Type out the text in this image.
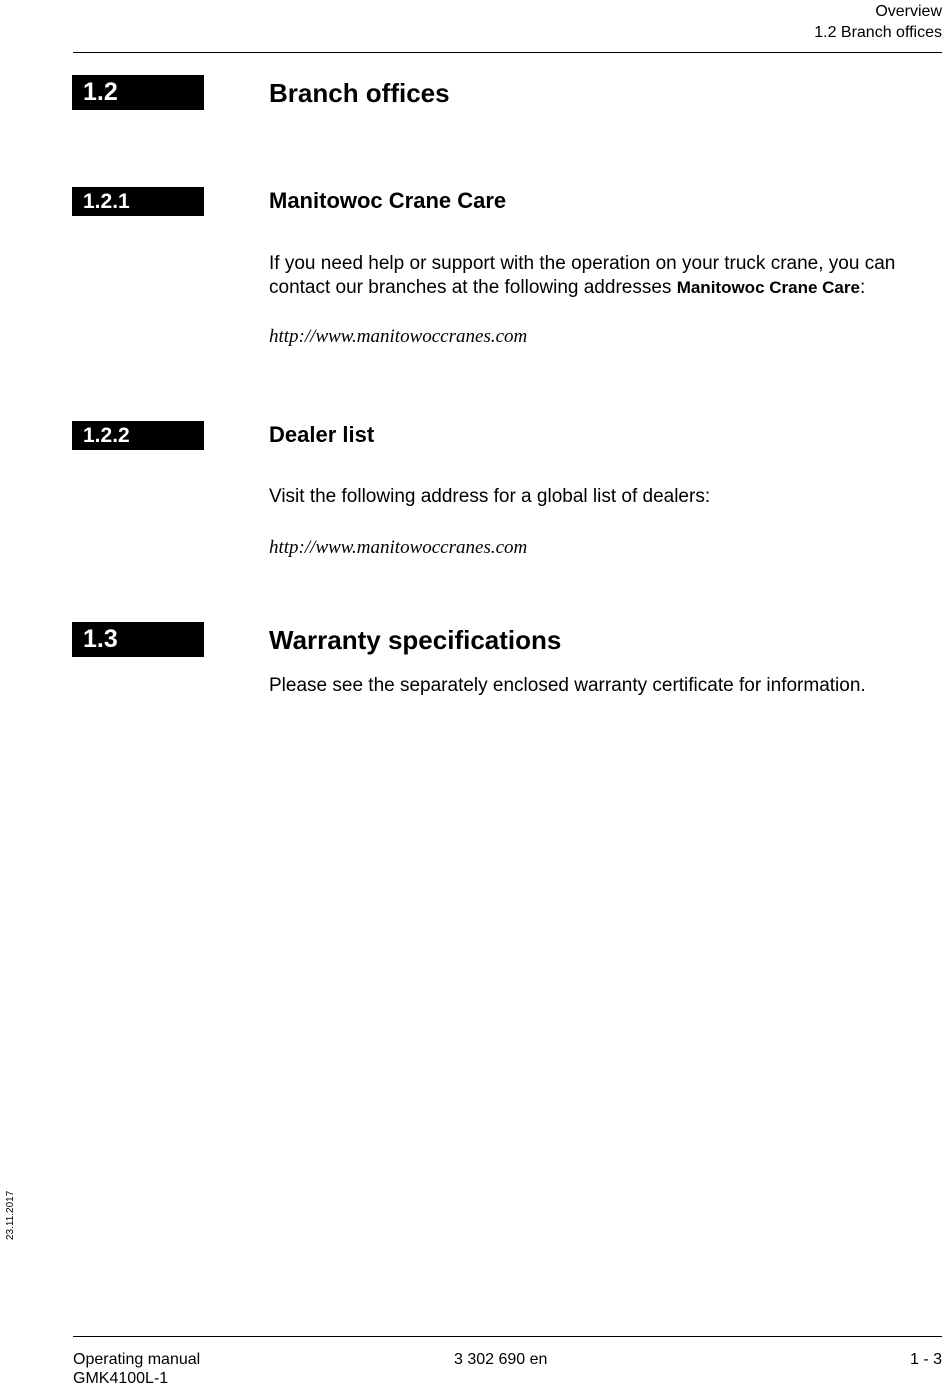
Overview
1.2 Branch offices
1.2	Branch offices
1.2.1	Manitowoc Crane Care
If you need help or support with the operation on your truck crane, you can
contact our branches at the following addresses Manitowoc Crane Care:
http://www.manitowoccranes.com
1.2.2	Dealer list
Visit the following address for a global list of dealers:
http://www.manitowoccranes.com
1.3	Warranty specifications
Please see the separately enclosed warranty certificate for information.
23.11.2017
Operating manual
GMK4100L-1
3 302 690 en	1 - 3
